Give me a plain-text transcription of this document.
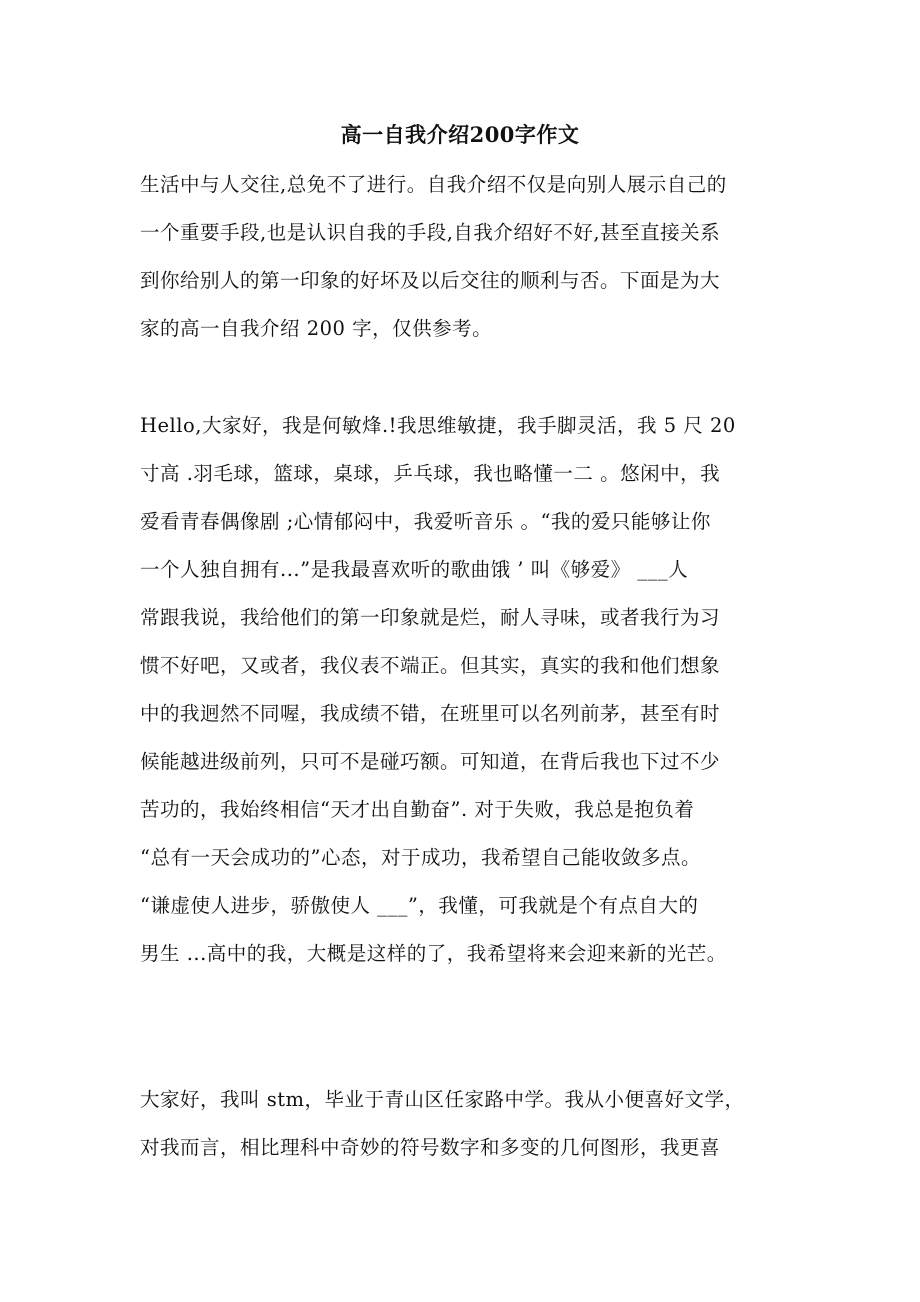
高一自我介绍200字作文
生活中与人交往,总免不了进行。自我介绍不仅是向别人展示自己的
一个重要手段,也是认识自我的手段,自我介绍好不好,甚至直接关系
到你给别人的第一印象的好坏及以后交往的顺利与否。下面是为大
家的高一自我介绍 200 字，仅供参考。
Hello,大家好，我是何敏烽.!我思维敏捷，我手脚灵活，我 5 尺 20
寸高 .羽毛球，篮球，桌球，乒乓球，我也略懂一二 。悠闲中，我
爱看青春偶像剧 ;心情郁闷中，我爱听音乐 。“我的爱只能够让你
一个人独自拥有...”是我最喜欢听的歌曲饿 ’ 叫《够爱》 ___人
常跟我说，我给他们的第一印象就是烂，耐人寻味，或者我行为习
惯不好吧，又或者，我仪表不端正。但其实，真实的我和他们想象
中的我迥然不同喔，我成绩不错，在班里可以名列前茅，甚至有时
候能越进级前列，只可不是碰巧额。可知道，在背后我也下过不少
苦功的，我始终相信“天才出自勤奋”. 对于失败，我总是抱负着
“总有一天会成功的”心态，对于成功，我希望自己能收敛多点。
“谦虚使人进步，骄傲使人 ___”，我懂，可我就是个有点自大的
男生 ...高中的我，大概是这样的了，我希望将来会迎来新的光芒。
大家好，我叫 stm，毕业于青山区任家路中学。我从小便喜好文学，
对我而言，相比理科中奇妙的符号数字和多变的几何图形，我更喜
